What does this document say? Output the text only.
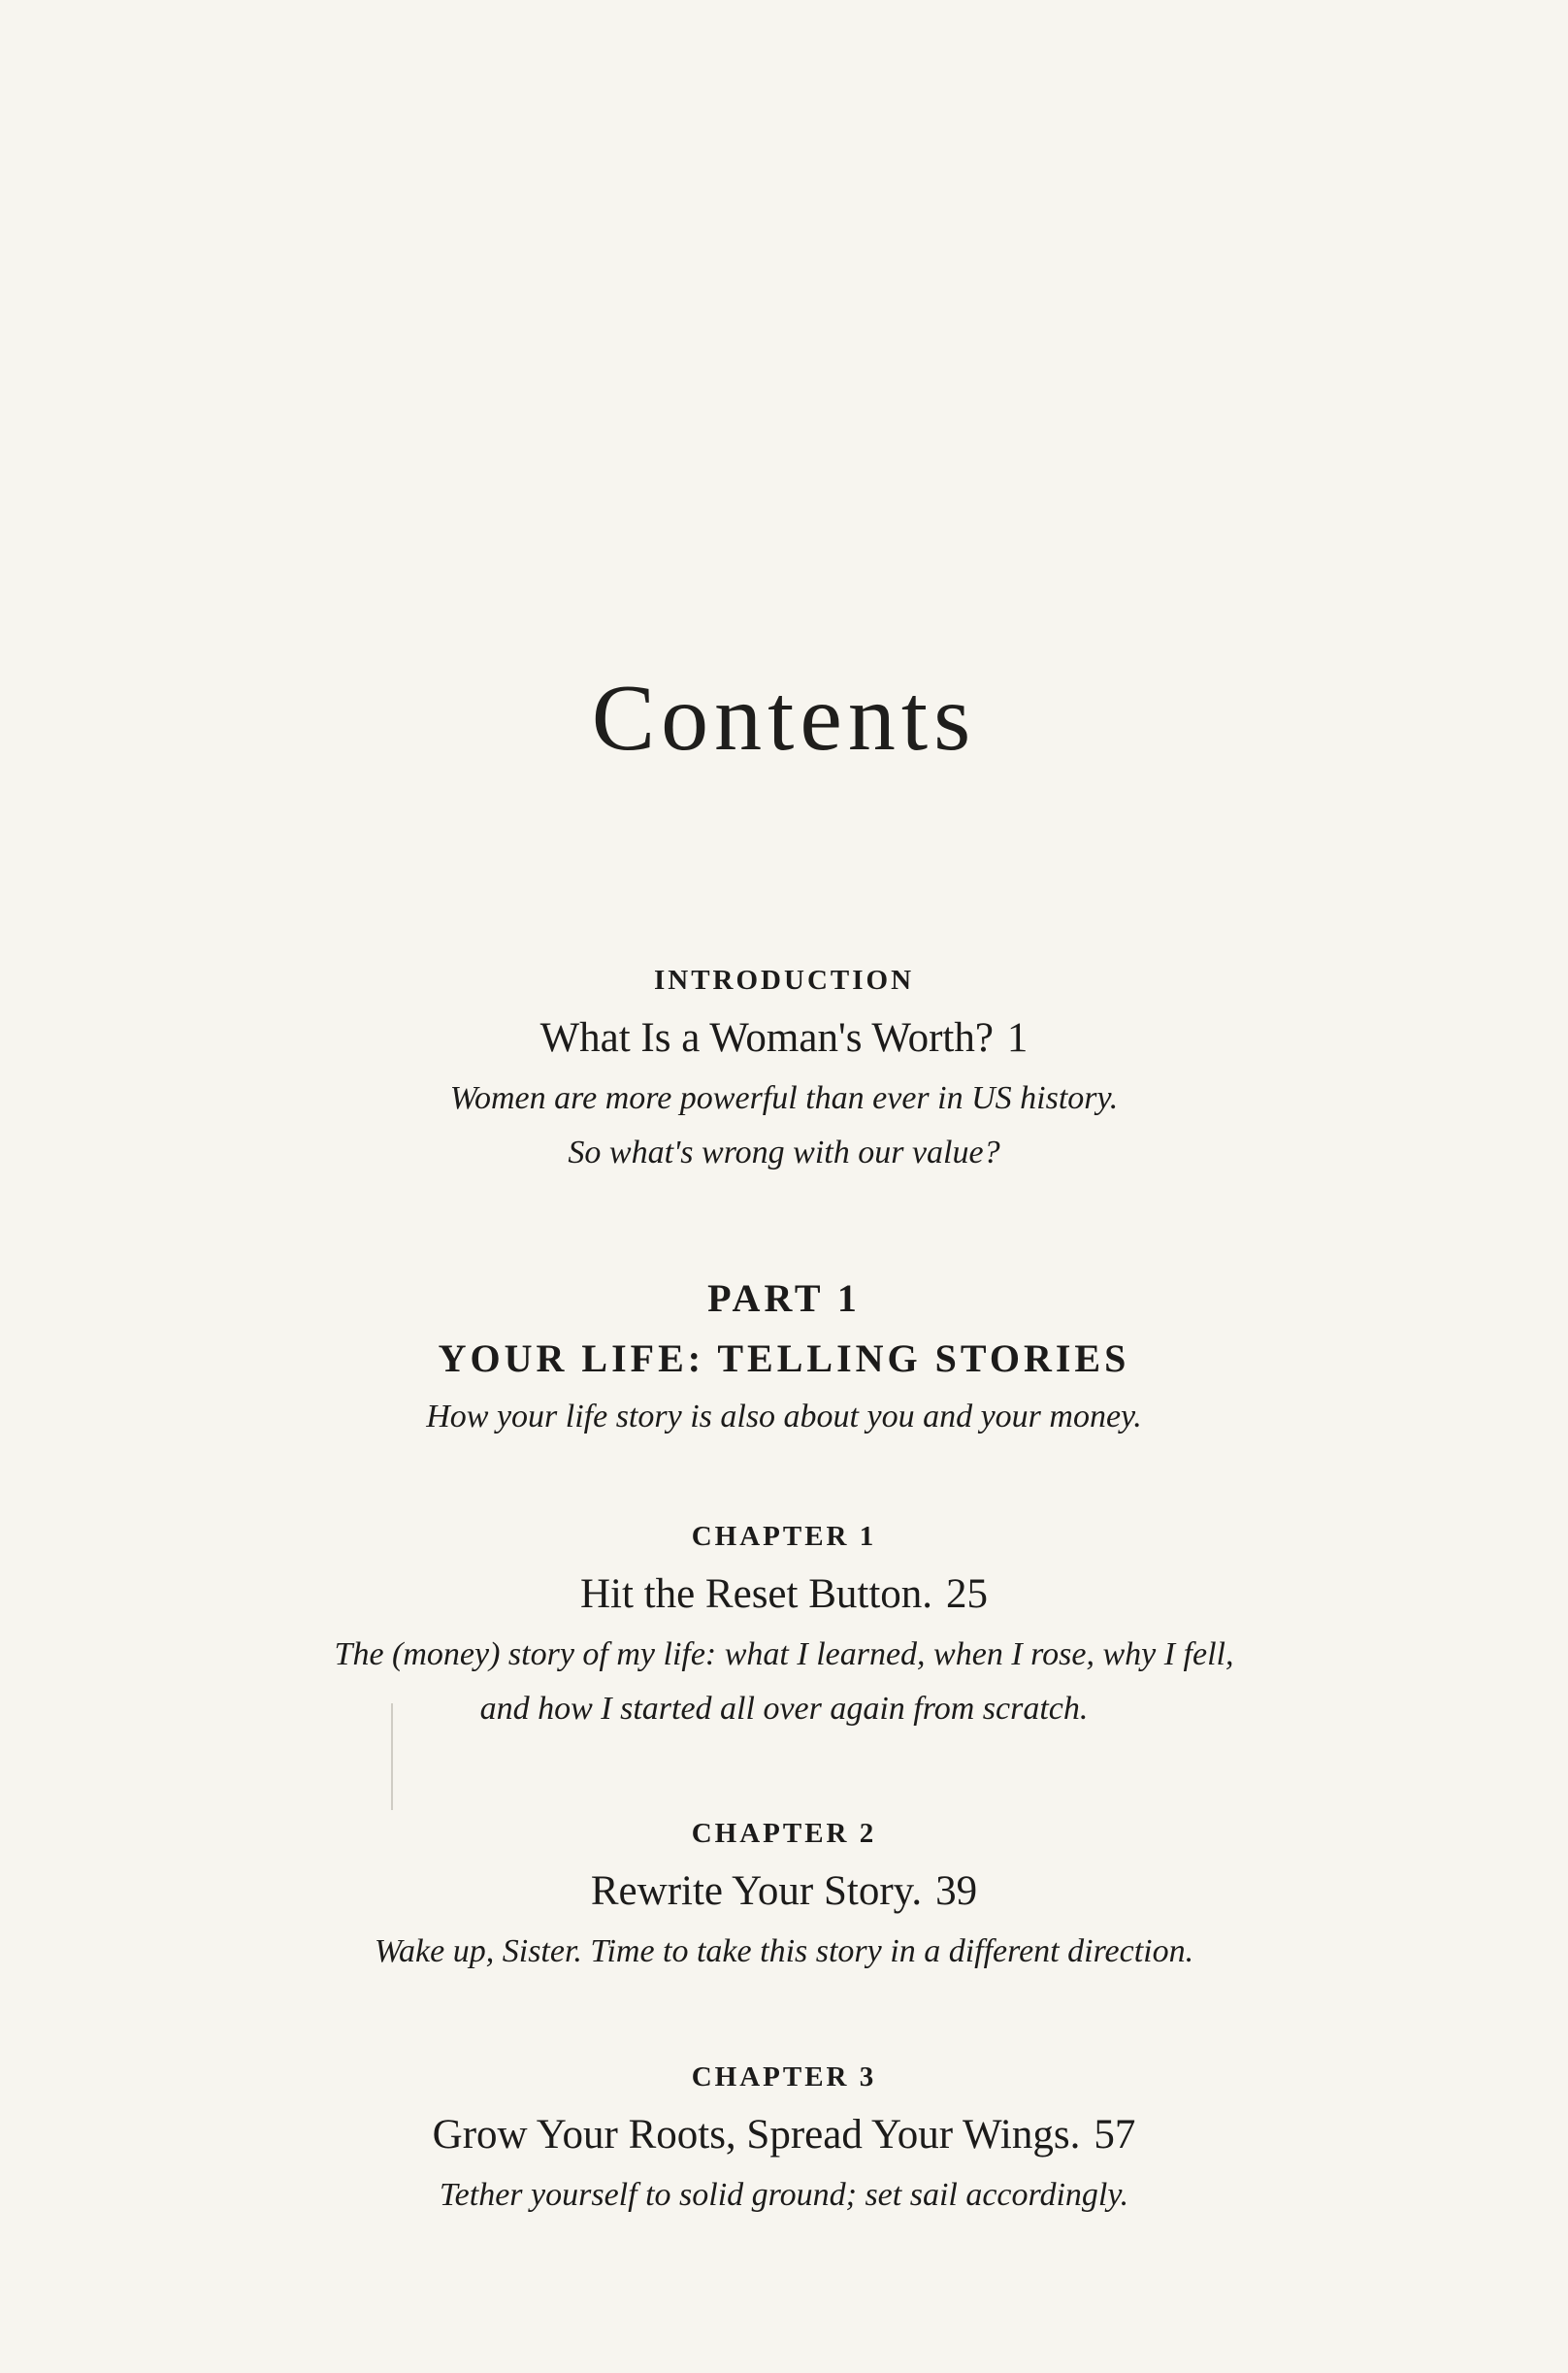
Contents
INTRODUCTION
What Is a Woman's Worth? 1
Women are more powerful than ever in US history.
So what's wrong with our value?
PART 1
YOUR LIFE: TELLING STORIES
How your life story is also about you and your money.
CHAPTER 1
Hit the Reset Button. 25
The (money) story of my life: what I learned, when I rose, why I fell,
and how I started all over again from scratch.
CHAPTER 2
Rewrite Your Story. 39
Wake up, Sister. Time to take this story in a different direction.
CHAPTER 3
Grow Your Roots, Spread Your Wings. 57
Tether yourself to solid ground; set sail accordingly.
